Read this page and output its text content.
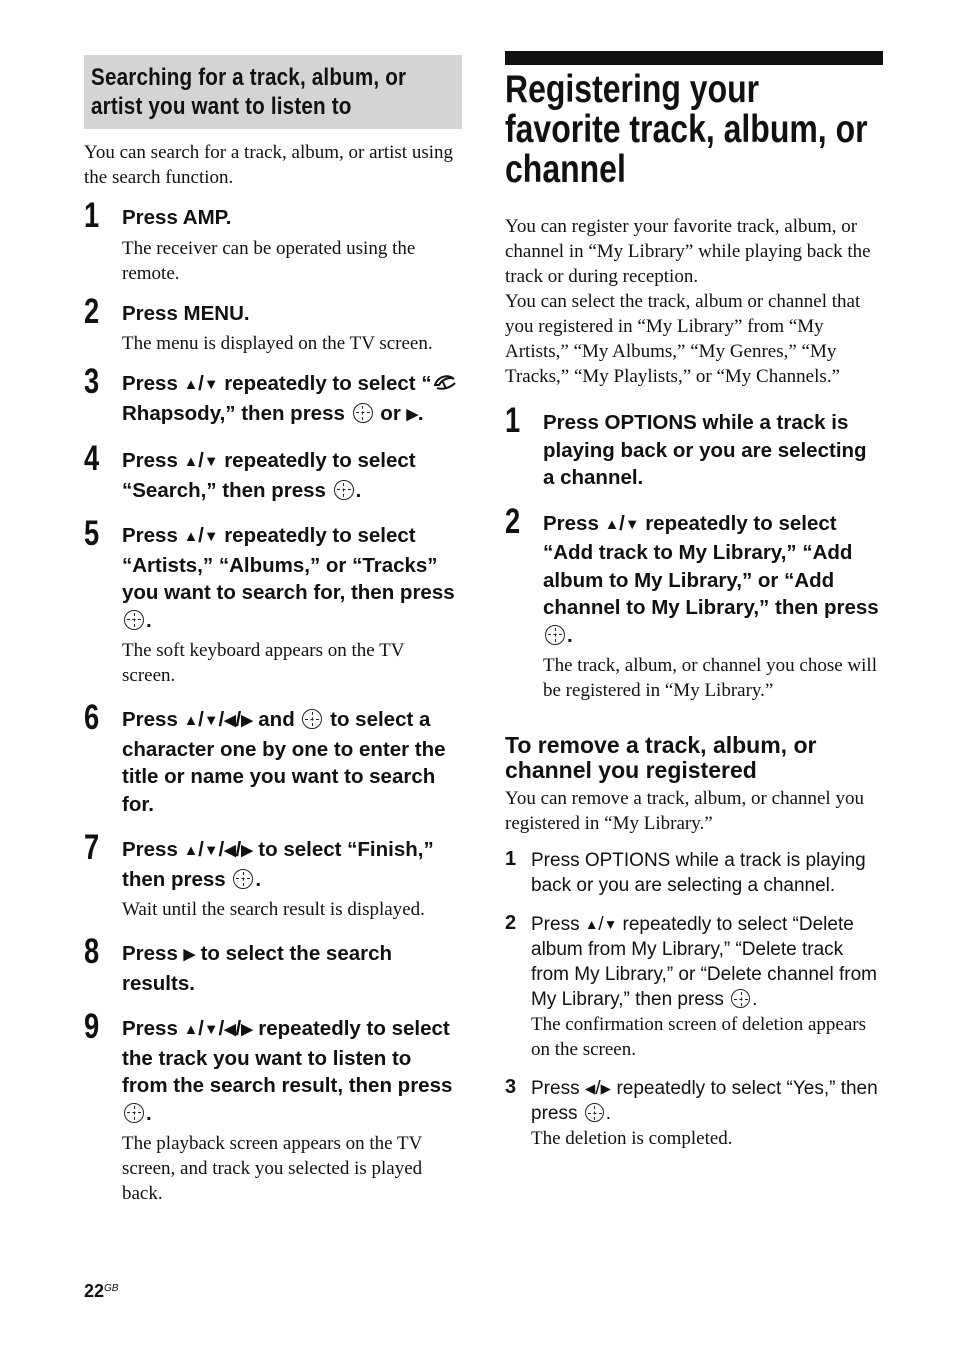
Searching for a track, album, or artist you want to listen to

You can search for a track, album, or artist using the search function.

1 Press AMP.

The receiver can be operated using the remote.

2 Press MENU.

The menu is displayed on the TV screen.

3 Press ▲/▼ repeatedly to select “ Rhapsody,” then press or ▶.

4 Press ▲/▼ repeatedly to select “Search,” then press .

5 Press ▲/▼ repeatedly to select “Artists,” “Albums,” or “Tracks” you want to search for, then press .

The soft keyboard appears on the TV screen.

6 Press ▲/▼/◀/▶ and to select a character one by one to enter the title or name you want to search for.

7 Press ▲/▼/◀/▶ to select “Finish,” then press .

Wait until the search result is displayed.

8 Press ▶ to select the search results.

9 Press ▲/▼/◀/▶ repeatedly to select the track you want to listen to from the search result, then press .

The playback screen appears on the TV screen, and track you selected is played back.

Registering your favorite track, album, or channel

You can register your favorite track, album, or channel in “My Library” while playing back the track or during reception.

You can select the track, album or channel that you registered in “My Library” from “My Artists,” “My Albums,” “My Genres,” “My Tracks,” “My Playlists,” or “My Channels.”

1 Press OPTIONS while a track is playing back or you are selecting a channel.

2 Press ▲/▼ repeatedly to select “Add track to My Library,” “Add album to My Library,” or “Add channel to My Library,” then press .

The track, album, or channel you chose will be registered in “My Library.”

To remove a track, album, or channel you registered

You can remove a track, album, or channel you registered in “My Library.”

1 Press OPTIONS while a track is playing back or you are selecting a channel.

2 Press ▲/▼ repeatedly to select “Delete album from My Library,” “Delete track from My Library,” or “Delete channel from My Library,” then press .

The confirmation screen of deletion appears on the screen.

3 Press ◀/▶ repeatedly to select “Yes,” then press .

The deletion is completed.

$22^{GB}$
